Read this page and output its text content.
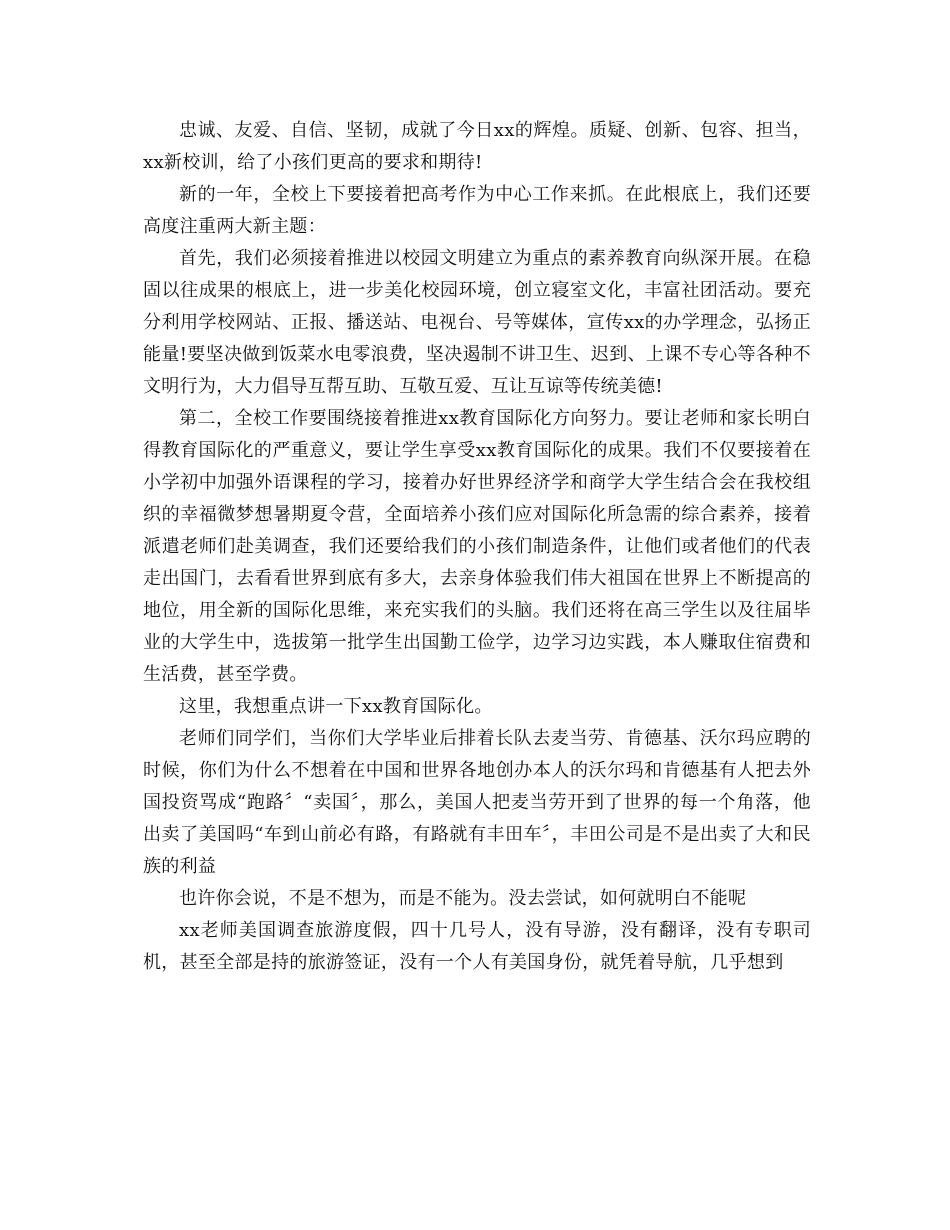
忠诚、友爱、自信、坚韧，成就了今日xx的辉煌。质疑、创新、包容、担当，xx新校训，给了小孩们更高的要求和期待!

新的一年，全校上下要接着把高考作为中心工作来抓。在此根底上，我们还要高度注重两大新主题：

首先，我们必须接着推进以校园文明建立为重点的素养教育向纵深开展。在稳固以往成果的根底上，进一步美化校园环境，创立寝室文化，丰富社团活动。要充分利用学校网站、正报、播送站、电视台、号等媒体，宣传xx的办学理念，弘扬正能量!要坚决做到饭菜水电零浪费，坚决遏制不讲卫生、迟到、上课不专心等各种不文明行为，大力倡导互帮互助、互敬互爱、互让互谅等传统美德!

第二，全校工作要围绕接着推进xx教育国际化方向努力。要让老师和家长明白得教育国际化的严重意义，要让学生享受xx教育国际化的成果。我们不仅要接着在小学初中加强外语课程的学习，接着办好世界经济学和商学大学生结合会在我校组织的幸福微梦想暑期夏令营，全面培养小孩们应对国际化所急需的综合素养，接着派遣老师们赴美调查，我们还要给我们的小孩们制造条件，让他们或者他们的代表走出国门，去看看世界到底有多大，去亲身体验我们伟大祖国在世界上不断提高的地位，用全新的国际化思维，来充实我们的头脑。我们还将在高三学生以及往届毕业的大学生中，选拔第一批学生出国勤工俭学，边学习边实践，本人赚取住宿费和生活费，甚至学费。

这里，我想重点讲一下xx教育国际化。

老师们同学们，当你们大学毕业后排着长队去麦当劳、肯德基、沃尔玛应聘的时候，你们为什么不想着在中国和世界各地创办本人的沃尔玛和肯德基有人把去外国投资骂成“跑路〞“卖国〞，那么，美国人把麦当劳开到了世界的每一个角落，他出卖了美国吗“车到山前必有路，有路就有丰田车〞，丰田公司是不是出卖了大和民族的利益

也许你会说，不是不想为，而是不能为。没去尝试，如何就明白不能呢

xx老师美国调查旅游度假，四十几号人，没有导游，没有翻译，没有专职司机，甚至全部是持的旅游签证，没有一个人有美国身份，就凭着导航，几乎想到
